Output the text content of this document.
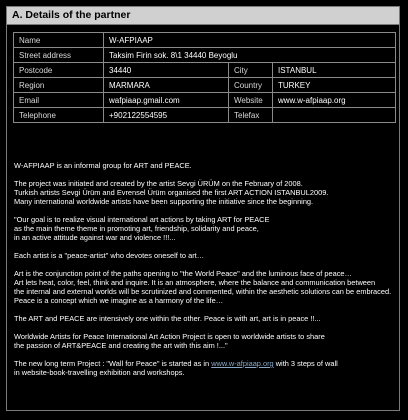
A. Details of the partner
Name	W-AFPIAAP		
Street address	Taksim Firin sok. 8\1 34440 Beyoglu		
Postcode	34440	City	ISTANBUL
Region	MARMARA	Country	TURKEY
Email	wafpiaap.gmail.com	Website	www.w-afpiaap.org
Telephone	+902122554595	Telefax	

W-AFPIAAP is an informal group for ART and PEACE.

The project was initiated and created by the artist Sevgi ÜRÜM on the February of 2008.
Turkish artists Sevgi Ürüm and Evrensel Ürüm organised the first ART ACTION ISTANBUL2009.
Many international worldwide artists have been supporting the initiative since the beginning.

"Our goal is to realize visual international art actions by taking ART for PEACE
as the main theme theme in promoting art, friendship, solidarity and peace,
in an active attitude against war and violence !!!...

Each artist is a "peace-artist" who devotes oneself to art…

Art is the conjunction point of the paths opening to "the World Peace" and the luminous face of peace…
Art lets heat, color, feel, think and inquire. It is an atmosphere, where the balance and communication between
the internal and external worlds will be scrutinized and commented, within the aesthetic solutions can be embraced.
Peace is a concept which we imagine as a harmony of the life…

The ART and PEACE are intensively one within the other. Peace is with art, art is in peace !!...

Worldwide Artists for Peace International Art Action Project is open to worldwide artists to share
the passion of ART&PEACE and creating the art with this aim !..."

The new long term Project : "Wall for Peace" is started as in www.w-afpiaap.org with 3 steps of wall
in website-book-travelling exhibition and workshops.
